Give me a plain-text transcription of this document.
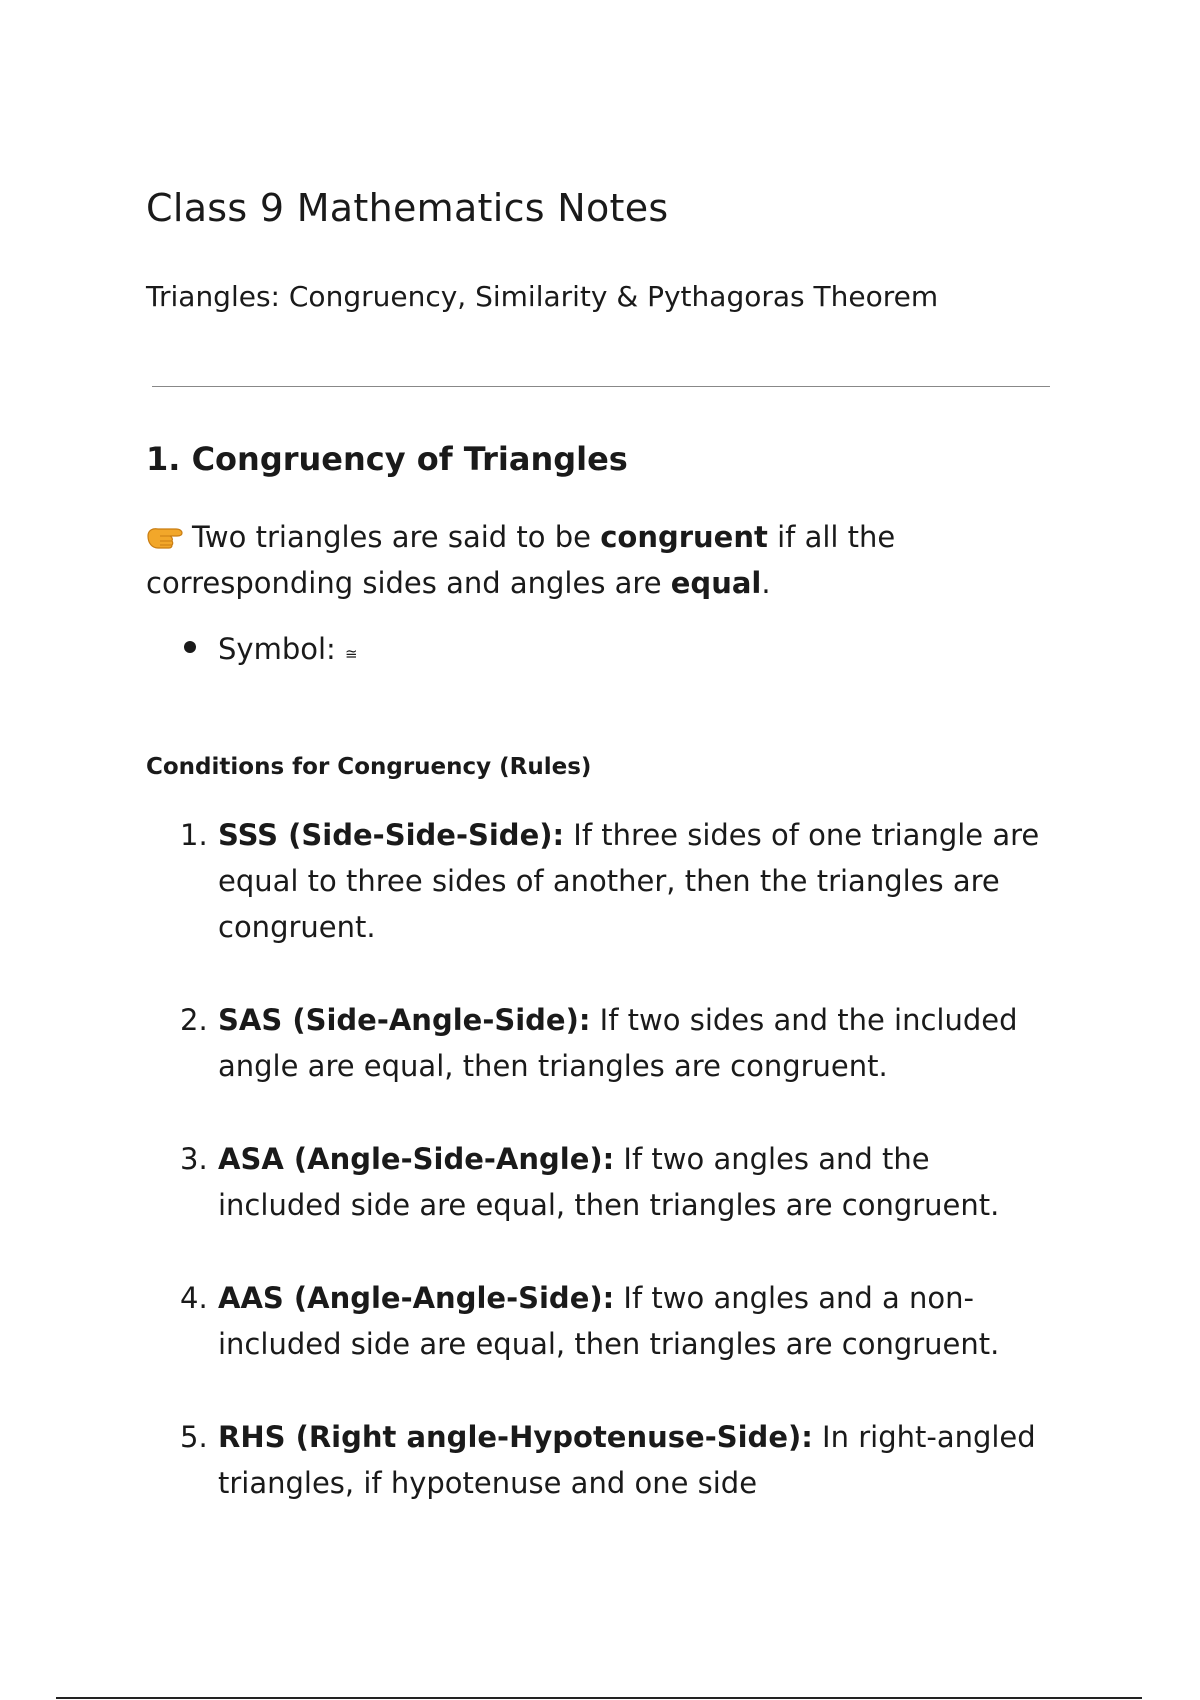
Class 9 Mathematics Notes
Triangles: Congruency, Similarity & Pythagoras Theorem
1. Congruency of Triangles
Two triangles are said to be congruent if all the corresponding sides and angles are equal.
Symbol: ≅
Conditions for Congruency (Rules)
1. SSS (Side-Side-Side): If three sides of one triangle are equal to three sides of another, then the triangles are congruent.
2. SAS (Side-Angle-Side): If two sides and the included angle are equal, then triangles are congruent.
3. ASA (Angle-Side-Angle): If two angles and the included side are equal, then triangles are congruent.
4. AAS (Angle-Angle-Side): If two angles and a non-included side are equal, then triangles are congruent.
5. RHS (Right angle-Hypotenuse-Side): In right-angled triangles, if hypotenuse and one side
